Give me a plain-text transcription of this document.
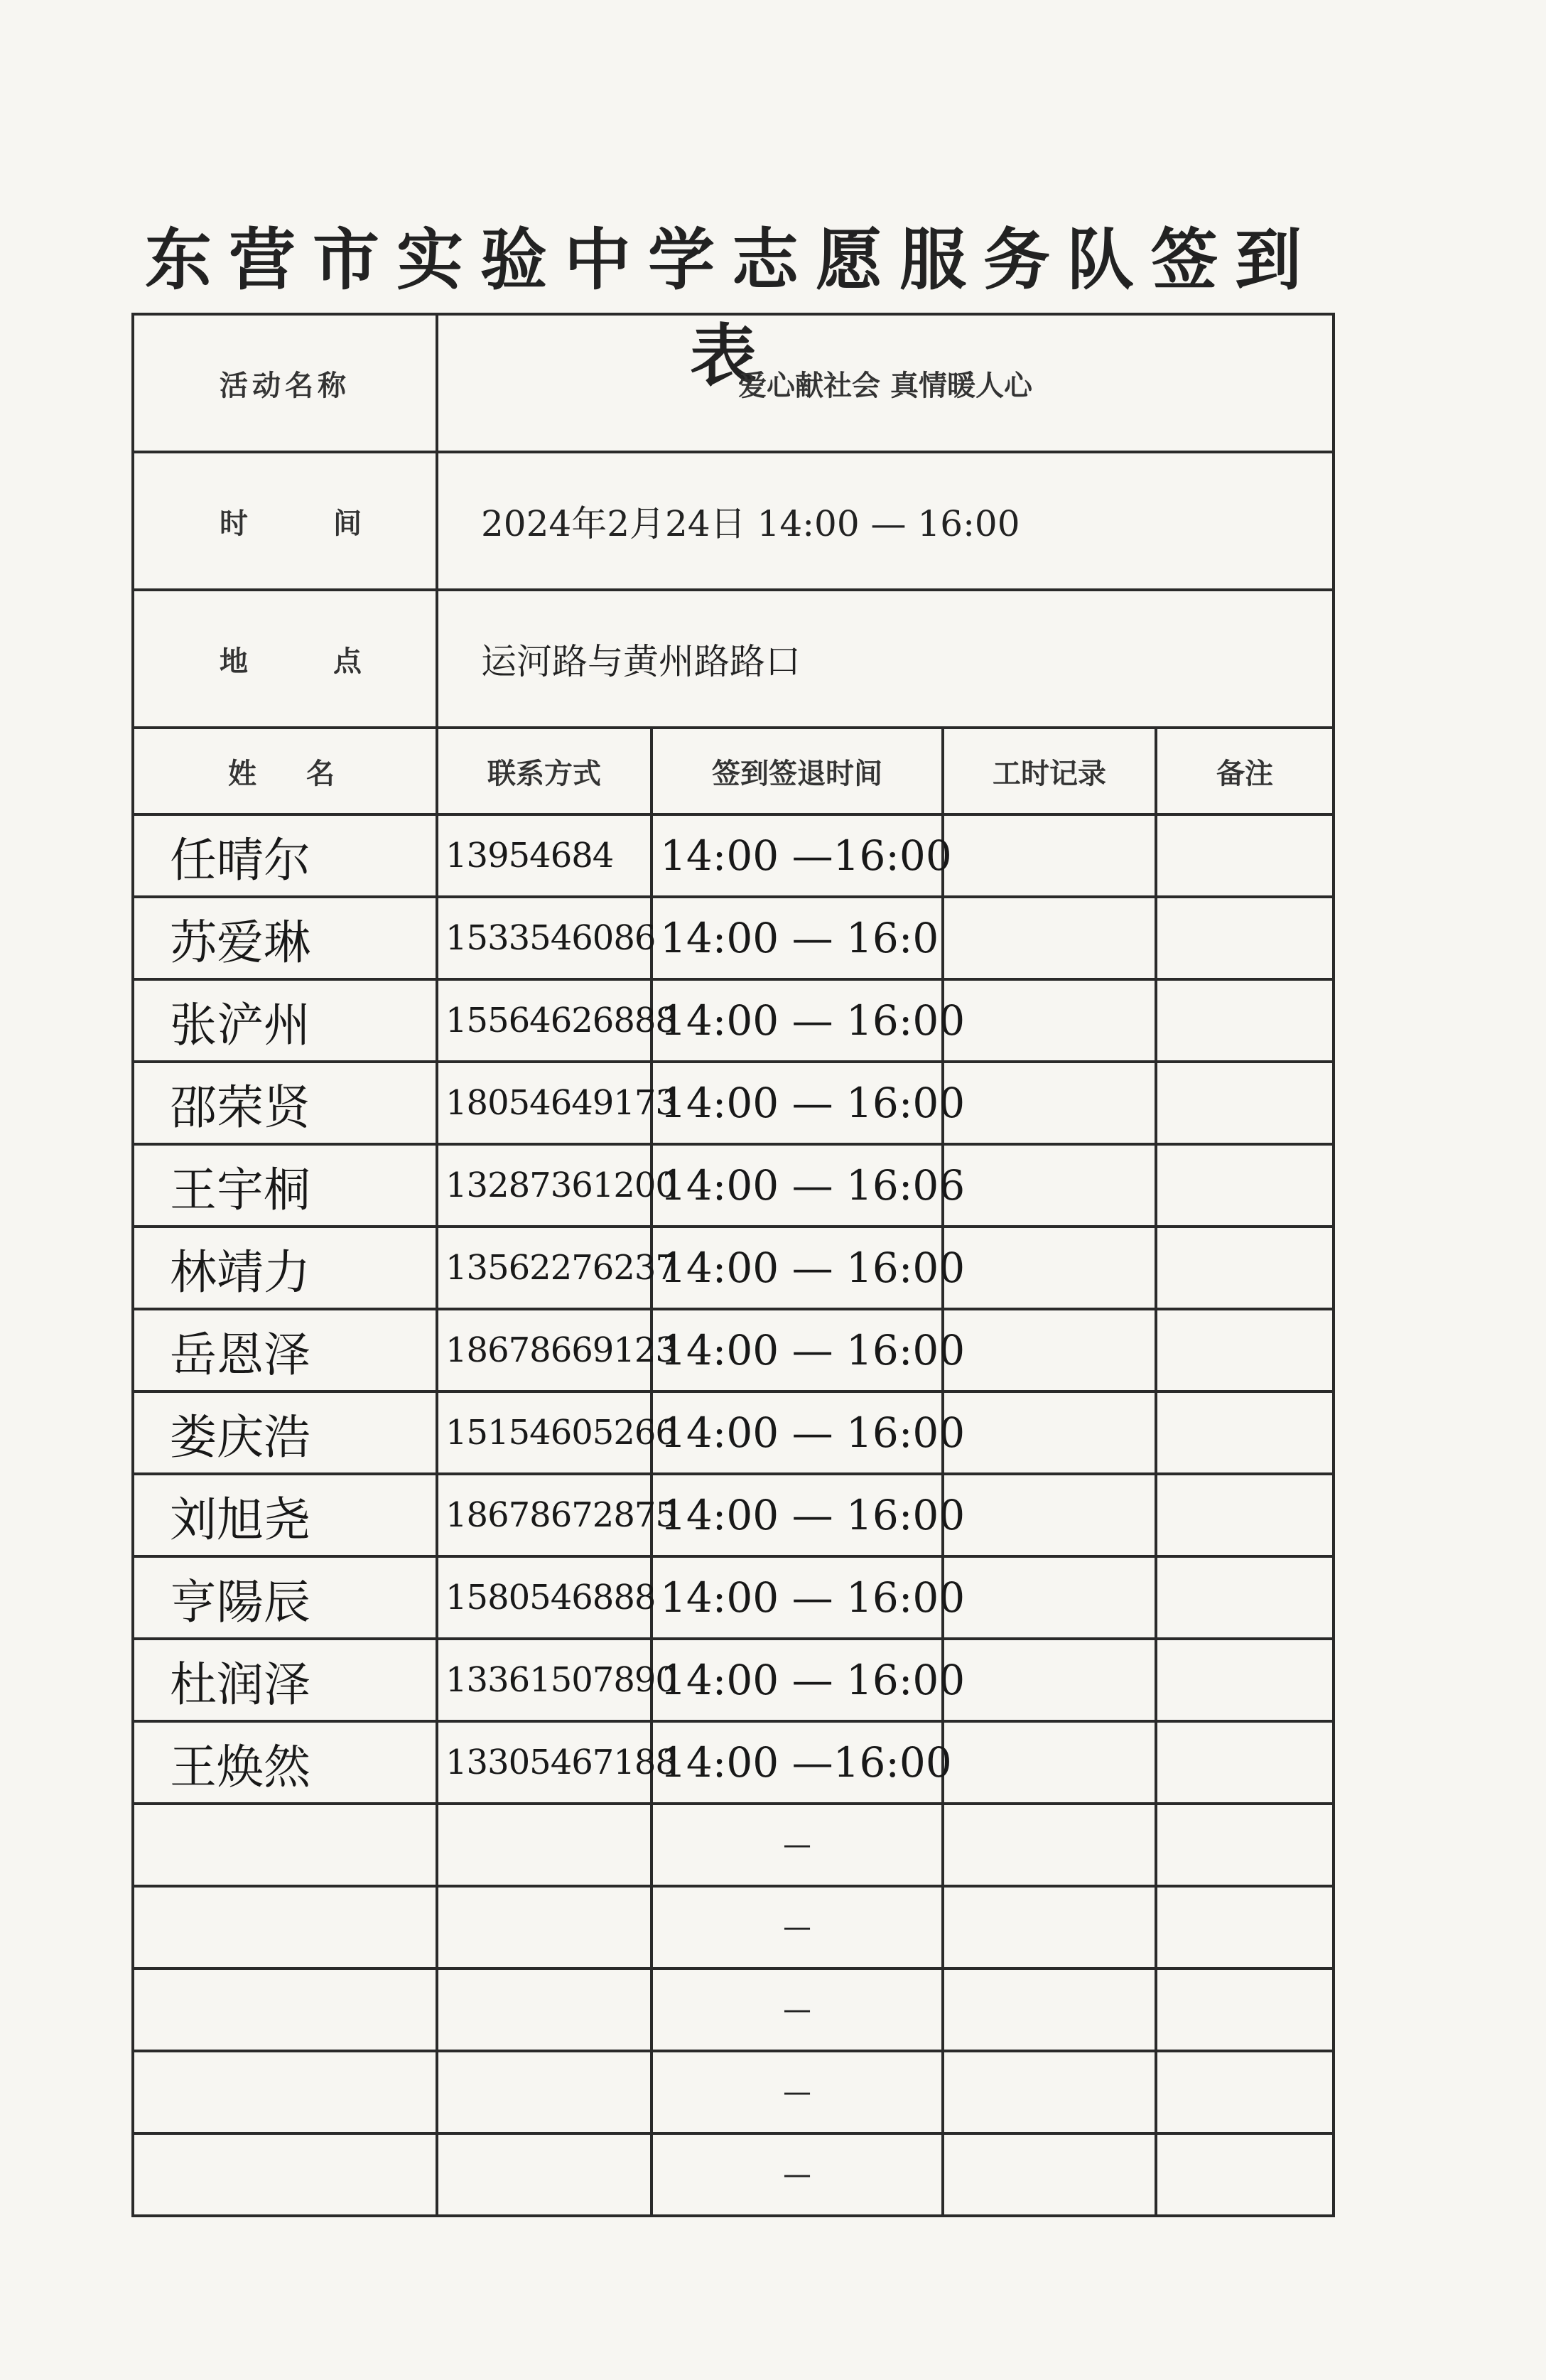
东营市实验中学志愿服务队签到表
活动名称	爱心献社会 真情暖人心			
时间	2024年2月24日 14:00 — 16:00			
地点	运河路与黄州路路口			
姓名	联系方式	签到签退时间	工时记录	备注
任晴尔	13954684	14:00 —16:00		
苏爱琳	1533546086	14:00 — 16:0		
张浐州	15564626888	14:00 — 16:00		
邵荣贤	18054649173	14:00 — 16:00		
王宇桐	13287361200	14:00 — 16:06		
林靖力	13562276237	14:00 — 16:00		
岳恩泽	18678669123	14:00 — 16:00		
娄庆浩	15154605266	14:00 — 16:00		
刘旭尧	18678672875	14:00 — 16:00		
亨陽辰	1580546888	14:00 — 16:00		
杜润泽	13361507890	14:00 — 16:00		
王焕然	13305467188	14:00 —16:00		
		—		
		—		
		—		
		—		
		—		
